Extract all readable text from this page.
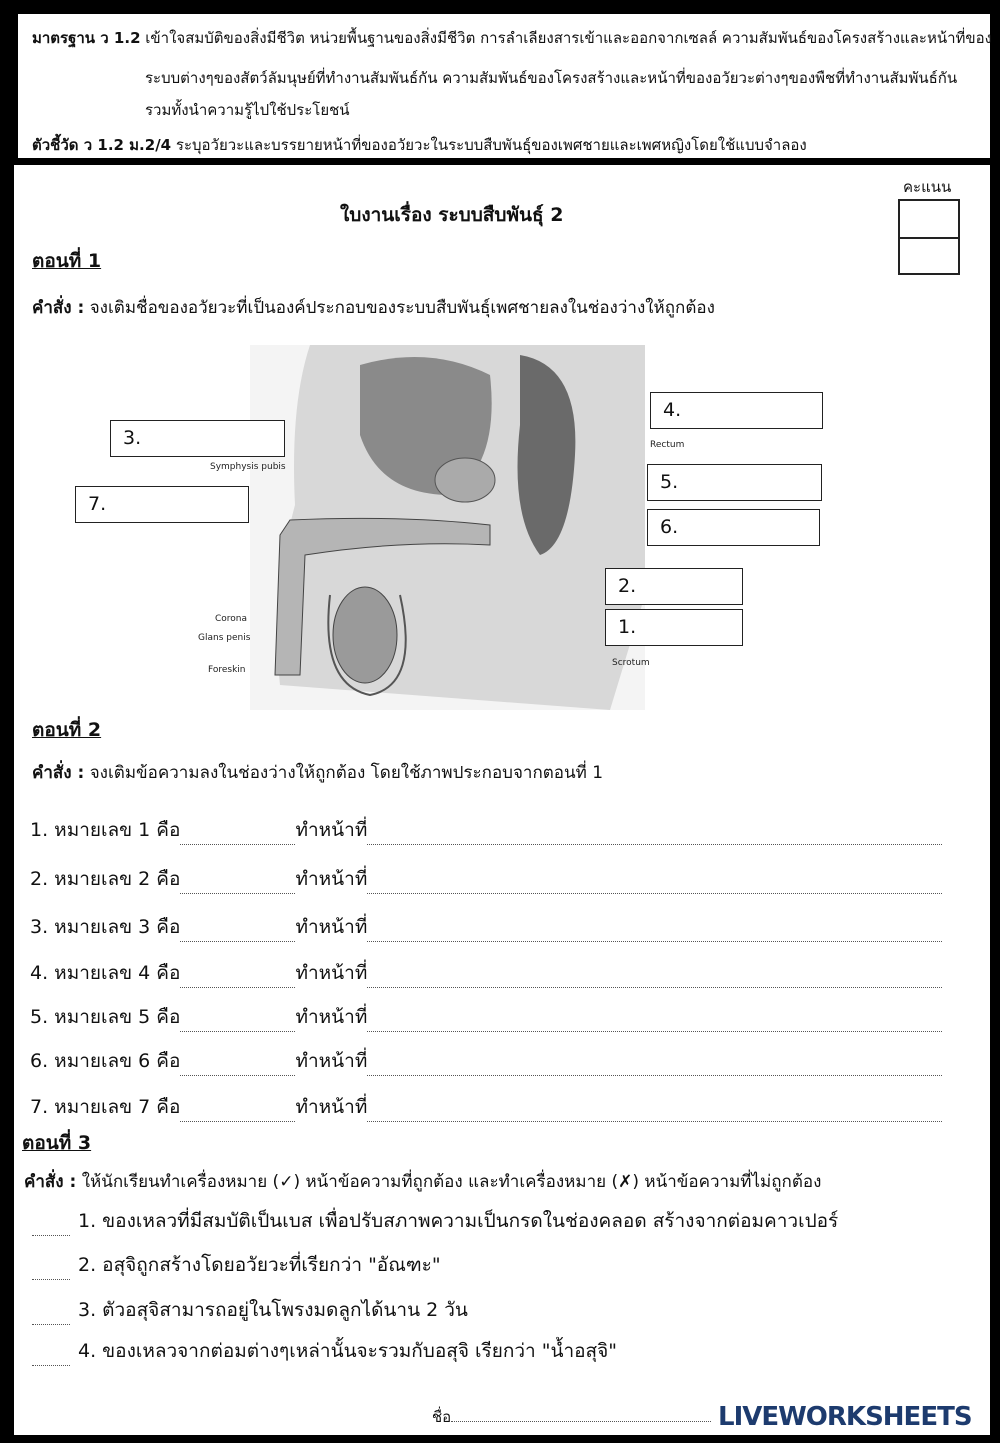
มาตรฐาน ว 1.2 เข้าใจสมบัติของสิ่งมีชีวิต หน่วยพื้นฐานของสิ่งมีชีวิต การลำเลียงสารเข้าและออกจากเซลล์ ความสัมพันธ์ของโครงสร้างและหน้าที่ของ
ระบบต่างๆของสัตว์ลัมนุษย์ที่ทำงานสัมพันธ์กัน ความสัมพันธ์ของโครงสร้างและหน้าที่ของอวัยวะต่างๆของพืชที่ทำงานสัมพันธ์กัน
รวมทั้งนำความรู้ไปใช้ประโยชน์
ตัวชี้วัด ว 1.2 ม.2/4 ระบุอวัยวะและบรรยายหน้าที่ของอวัยวะในระบบสืบพันธุ์ของเพศชายและเพศหญิงโดยใช้แบบจำลอง
ใบงานเรื่อง ระบบสืบพันธุ์ 2
คะแนน
ตอนที่ 1
คำสั่ง : จงเติมชื่อของอวัยวะที่เป็นองค์ประกอบของระบบสืบพันธุ์เพศชายลงในช่องว่างให้ถูกต้อง
Symphysis pubis
Rectum
Corona
Glans penis
Foreskin
Scrotum
3.
7.
4.
5.
6.
2.
1.
ตอนที่ 2
คำสั่ง : จงเติมข้อความลงในช่องว่างให้ถูกต้อง โดยใช้ภาพประกอบจากตอนที่ 1
1. หมายเลข 1 คือ	ทำหน้าที่
2. หมายเลข 2 คือ	ทำหน้าที่
3. หมายเลข 3 คือ	ทำหน้าที่
4. หมายเลข 4 คือ	ทำหน้าที่
5. หมายเลข 5 คือ	ทำหน้าที่
6. หมายเลข 6 คือ	ทำหน้าที่
7. หมายเลข 7 คือ	ทำหน้าที่
ตอนที่ 3
คำสั่ง : ให้นักเรียนทำเครื่องหมาย (✓) หน้าข้อความที่ถูกต้อง และทำเครื่องหมาย (✗) หน้าข้อความที่ไม่ถูกต้อง
1. ของเหลวที่มีสมบัติเป็นเบส เพื่อปรับสภาพความเป็นกรดในช่องคลอด สร้างจากต่อมคาวเปอร์
2. อสุจิถูกสร้างโดยอวัยวะที่เรียกว่า "อัณฑะ"
3. ตัวอสุจิสามารถอยู่ในโพรงมดลูกได้นาน 2 วัน
4. ของเหลวจากต่อมต่างๆเหล่านั้นจะรวมกับอสุจิ เรียกว่า "น้ำอสุจิ"
ชื่อ	LIVEWORKSHEETS
